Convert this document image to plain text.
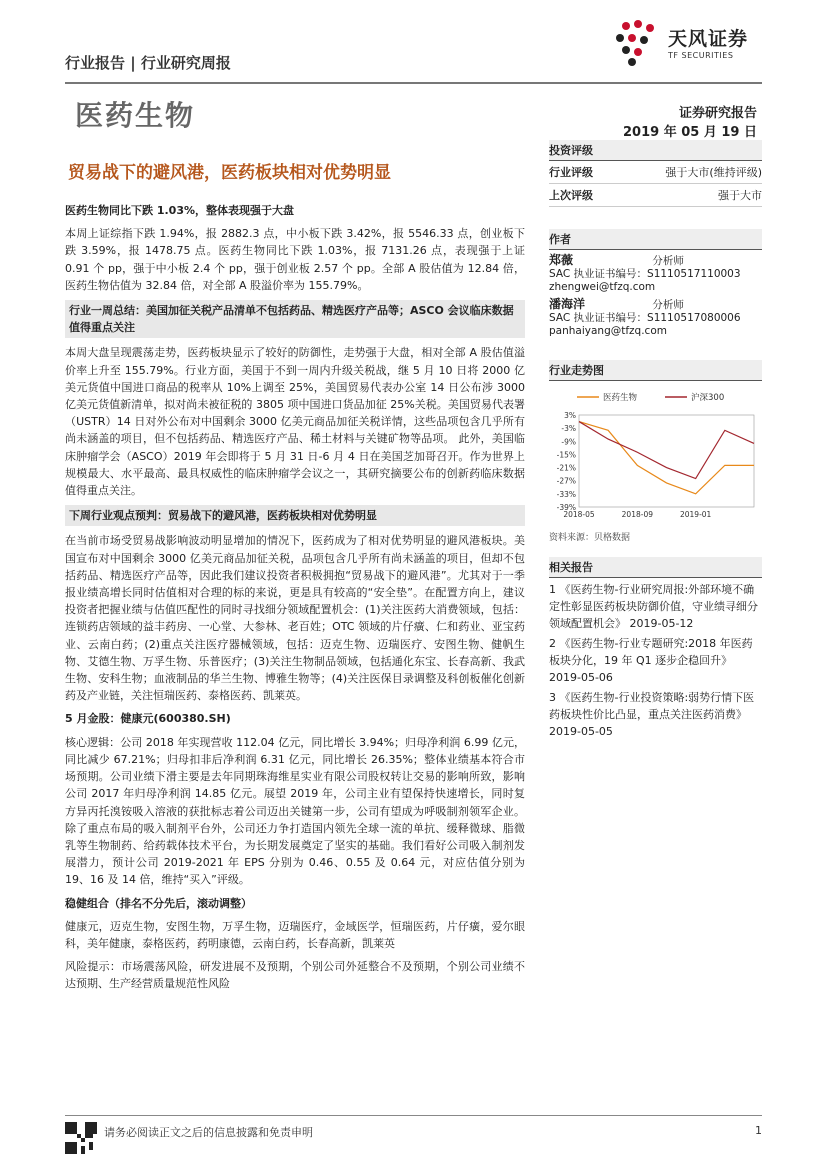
天风证券
TF SECURITIES
行业报告 | 行业研究周报
医药生物	证券研究报告
2019 年 05 月 19 日
贸易战下的避风港，医药板块相对优势明显
医药生物同比下跌 1.03%，整体表现强于大盘
本周上证综指下跌 1.94%，报 2882.3 点，中小板下跌 3.42%，报 5546.33 点，创业板下跌 3.59%，报 1478.75 点。医药生物同比下跌 1.03%，报 7131.26 点，表现强于上证 0.91 个 pp，强于中小板 2.4 个 pp，强于创业板 2.57 个 pp。全部 A 股估值为 12.84 倍，医药生物估值为 32.84 倍，对全部 A 股溢价率为 155.79%。
行业一周总结：美国加征关税产品清单不包括药品、精选医疗产品等；ASCO 会议临床数据值得重点关注
本周大盘呈现震荡走势，医药板块显示了较好的防御性，走势强于大盘，相对全部 A 股估值溢价率上升至 155.79%。行业方面，美国于不到一周内升级关税战，继 5 月 10 日将 2000 亿美元货值中国进口商品的税率从 10%上调至 25%，美国贸易代表办公室 14 日公布涉 3000 亿美元货值新清单，拟对尚未被征税的 3805 项中国进口货品加征 25%关税。美国贸易代表署（USTR）14 日对外公布对中国剩余 3000 亿美元商品加征关税详情，这些品项包含几乎所有尚未涵盖的项目，但不包括药品、精选医疗产品、稀土材料与关键矿物等品项。 此外，美国临床肿瘤学会（ASCO）2019 年会即将于 5 月 31 日-6 月 4 日在美国芝加哥召开。作为世界上规模最大、水平最高、最具权威性的临床肿瘤学会议之一，其研究摘要公布的创新药临床数据值得重点关注。
下周行业观点预判：贸易战下的避风港，医药板块相对优势明显
在当前市场受贸易战影响波动明显增加的情况下，医药成为了相对优势明显的避风港板块。美国宣布对中国剩余 3000 亿美元商品加征关税，品项包含几乎所有尚未涵盖的项目，但却不包括药品、精选医疗产品等，因此我们建议投资者积极拥抱“贸易战下的避风港”。尤其对于一季报业绩高增长同时估值相对合理的标的来说，更是具有较高的“安全垫”。在配置方向上，建议投资者把握业绩与估值匹配性的同时寻找细分领域配置机会：(1)关注医药大消费领域，包括：连锁药店领域的益丰药房、一心堂、大参林、老百姓；OTC 领域的片仔癀、仁和药业、亚宝药业、云南白药；(2)重点关注医疗器械领域，包括：迈克生物、迈瑞医疗、安图生物、健帆生物、艾德生物、万孚生物、乐普医疗；(3)关注生物制品领域，包括通化东宝、长春高新、我武生物、安科生物；血液制品的华兰生物、博雅生物等；(4)关注医保目录调整及科创板催化创新药及产业链，关注恒瑞医药、泰格医药、凯莱英。
5 月金股：健康元(600380.SH)
核心逻辑：公司 2018 年实现营收 112.04 亿元，同比增长 3.94%；归母净利润 6.99 亿元，同比减少 67.21%；归母扣非后净利润 6.31 亿元，同比增长 26.35%；整体业绩基本符合市场预期。公司业绩下滑主要是去年同期珠海维星实业有限公司股权转让交易的影响所致，影响公司 2017 年归母净利润 14.85 亿元。展望 2019 年，公司主业有望保持快速增长，同时复方异丙托溴铵吸入溶液的获批标志着公司迈出关键第一步，公司有望成为呼吸制剂领军企业。除了重点布局的吸入制剂平台外，公司还力争打造国内领先全球一流的单抗、缓释微球、脂微乳等生物制药、给药载体技术平台，为长期发展奠定了坚实的基础。我们看好公司吸入制剂发展潜力，预计公司 2019-2021 年 EPS 分别为 0.46、0.55 及 0.64 元，对应估值分别为 19、16 及 14 倍，维持“买入”评级。
稳健组合（排名不分先后，滚动调整）
健康元，迈克生物，安图生物，万孚生物，迈瑞医疗，金域医学，恒瑞医药，片仔癀，爱尔眼科，美年健康，泰格医药，药明康德，云南白药，长春高新，凯莱英
风险提示：市场震荡风险，研发进展不及预期，个别公司外延整合不及预期，个别公司业绩不达预期、生产经营质量规范性风险
投资评级
行业评级	强于大市(维持评级)
上次评级	强于大市
作者
郑薇	分析师
SAC 执业证书编号：S1110517110003
zhengwei@tfzq.com
潘海洋	分析师
SAC 执业证书编号：S1110517080006
panhaiyang@tfzq.com
行业走势图
医药生物	沪深300
3%
-3%
-9%
-15%
-21%
-27%
-33%
-39%
2018-05	2018-09	2019-01
资料来源：贝格数据
相关报告
1 《医药生物-行业研究周报:外部环境不确定性彰显医药板块防御价值，守业绩寻细分领域配置机会》 2019-05-12
2 《医药生物-行业专题研究:2018 年医药板块分化，19 年 Q1 逐步企稳回升》 2019-05-06
3 《医药生物-行业投资策略:弱势行情下医药板块性价比凸显，重点关注医药消费》 2019-05-05
请务必阅读正文之后的信息披露和免责申明	1
